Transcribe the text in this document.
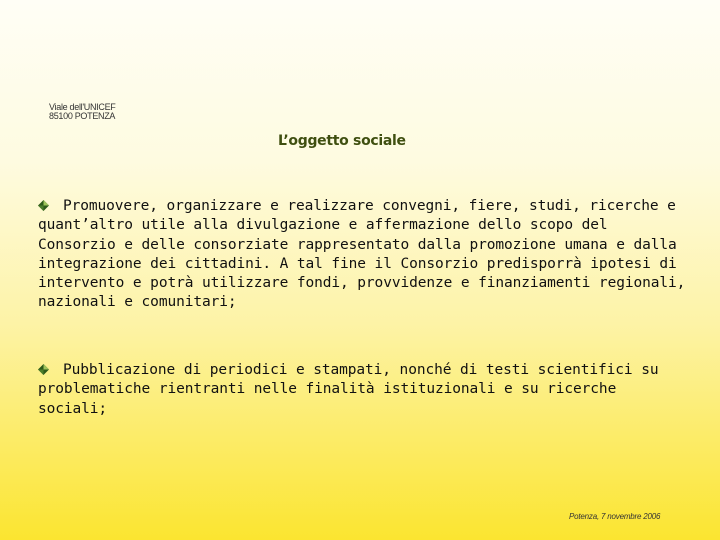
Viale dell'UNICEF
85100 POTENZA
L’oggetto sociale
Promuovere, organizzare e realizzare convegni, fiere, studi, ricerche e quant’altro utile alla divulgazione e affermazione dello scopo del Consorzio e delle consorziate rappresentato dalla promozione umana e dalla integrazione dei cittadini. A tal fine il Consorzio predisporrà ipotesi di intervento e potrà utilizzare fondi, provvidenze e finanziamenti regionali, nazionali e comunitari;
Pubblicazione di periodici e stampati, nonché di testi scientifici su problematiche rientranti nelle finalità istituzionali e su ricerche sociali;
Potenza, 7 novembre 2006
